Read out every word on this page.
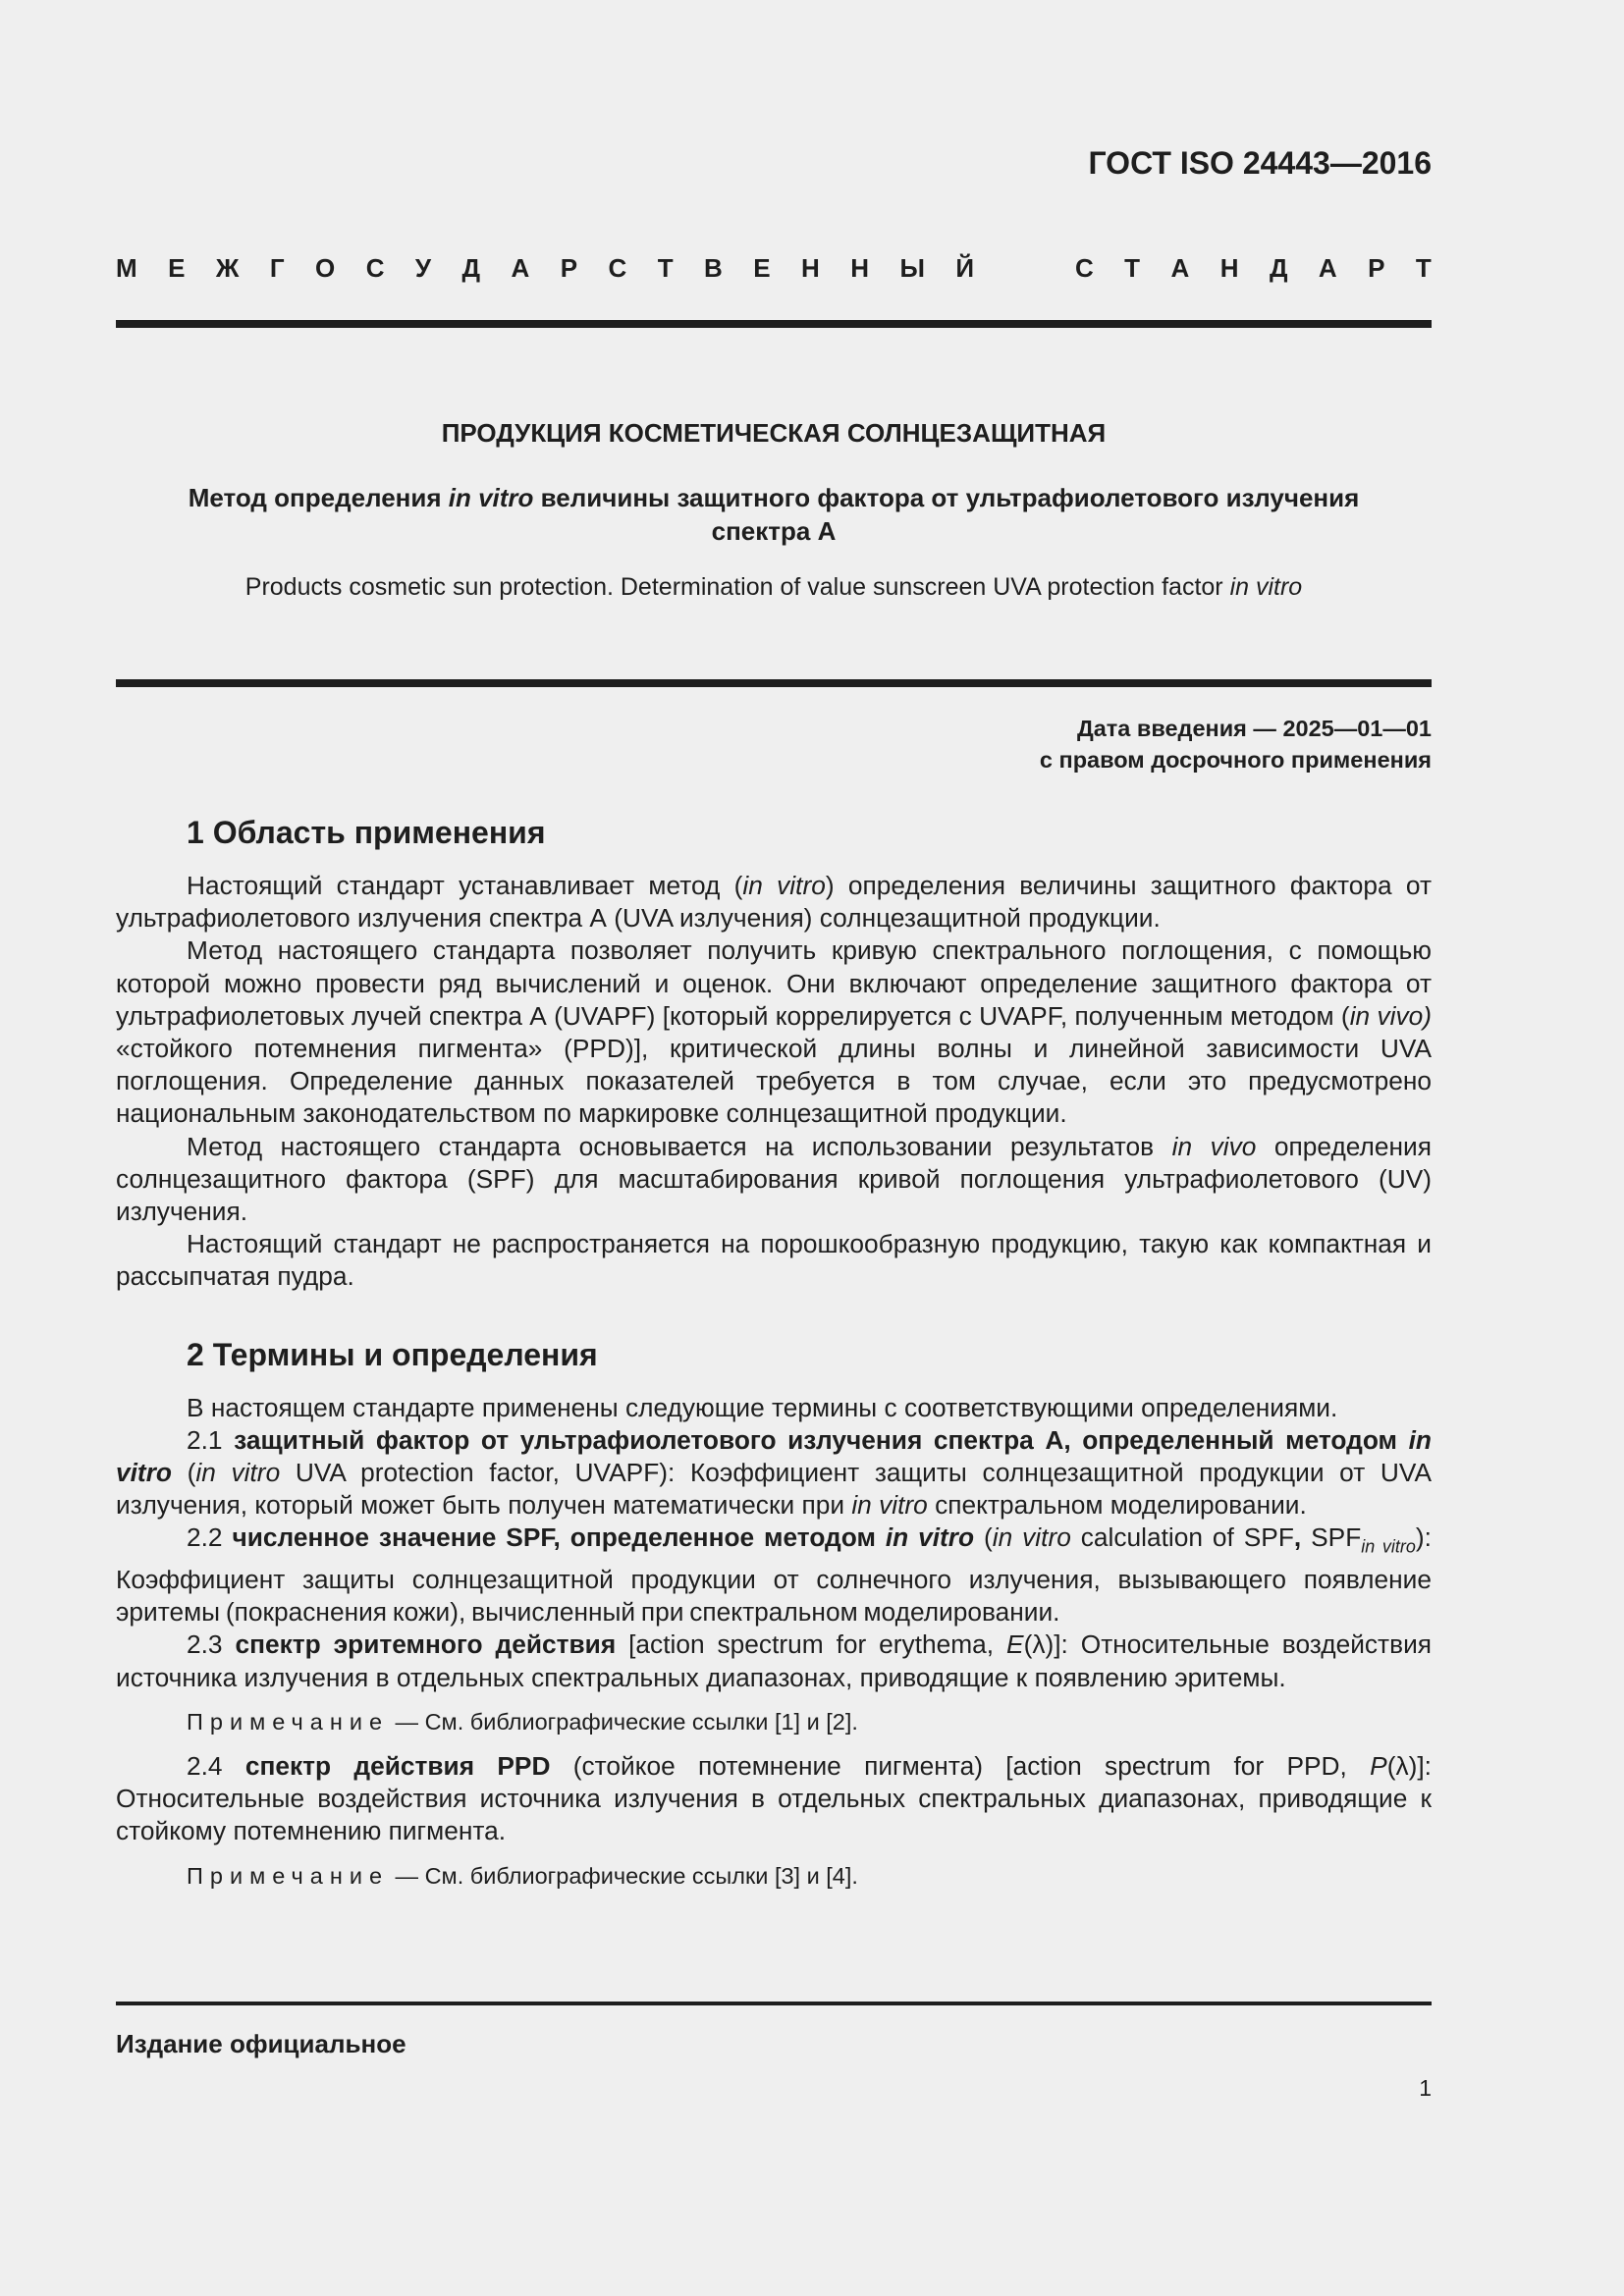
ГОСТ ISO 24443—2016
М Е Ж Г О С У Д А Р С Т В Е Н Н Ы Й	С Т А Н Д А Р Т
ПРОДУКЦИЯ КОСМЕТИЧЕСКАЯ СОЛНЦЕЗАЩИТНАЯ
Метод определения in vitro величины защитного фактора от ультрафиолетового излучения
спектра А
Products cosmetic sun protection. Determination of value sunscreen UVA protection factor in vitro
Дата введения — 2025—01—01
с правом досрочного применения
1 Область применения

Настоящий стандарт устанавливает метод (in vitro) определения величины защитного фактора от ультрафиолетового излучения спектра А (UVA излучения) солнцезащитной продукции.

Метод настоящего стандарта позволяет получить кривую спектрального поглощения, с помощью которой можно провести ряд вычислений и оценок. Они включают определение защитного фактора от ультрафиолетовых лучей спектра А (UVAPF) [который коррелируется с UVAPF, полученным методом (in vivo) «стойкого потемнения пигмента» (PPD)], критической длины волны и линейной зависимости UVA поглощения. Определение данных показателей требуется в том случае, если это предусмотрено национальным законодательством по маркировке солнцезащитной продукции.

Метод настоящего стандарта основывается на использовании результатов in vivo определения солнцезащитного фактора (SPF) для масштабирования кривой поглощения ультрафиолетового (UV) излучения.

Настоящий стандарт не распространяется на порошкообразную продукцию, такую как компактная и рассыпчатая пудра.

2 Термины и определения

В настоящем стандарте применены следующие термины с соответствующими определениями.

2.1 защитный фактор от ультрафиолетового излучения спектра А, определенный методом in vitro (in vitro UVA protection factor, UVAPF): Коэффициент защиты солнцезащитной продукции от UVA излучения, который может быть получен математически при in vitro спектральном моделировании.

2.2 численное значение SPF, определенное методом in vitro (in vitro calculation of SPF, $SPF_{in vitro}$): Коэффициент защиты солнцезащитной продукции от солнечного излучения, вызывающего появление эритемы (покраснения кожи), вычисленный при спектральном моделировании.

2.3 спектр эритемного действия [action spectrum for erythema, E(λ)]: Относительные воздействия источника излучения в отдельных спектральных диапазонах, приводящие к появлению эритемы.

Примечание — См. библиографические ссылки [1] и [2].

2.4 спектр действия PPD (стойкое потемнение пигмента) [action spectrum for PPD, P(λ)]: Относительные воздействия источника излучения в отдельных спектральных диапазонах, приводящие к стойкому потемнению пигмента.

Примечание — См. библиографические ссылки [3] и [4].

Издание официальное
1
